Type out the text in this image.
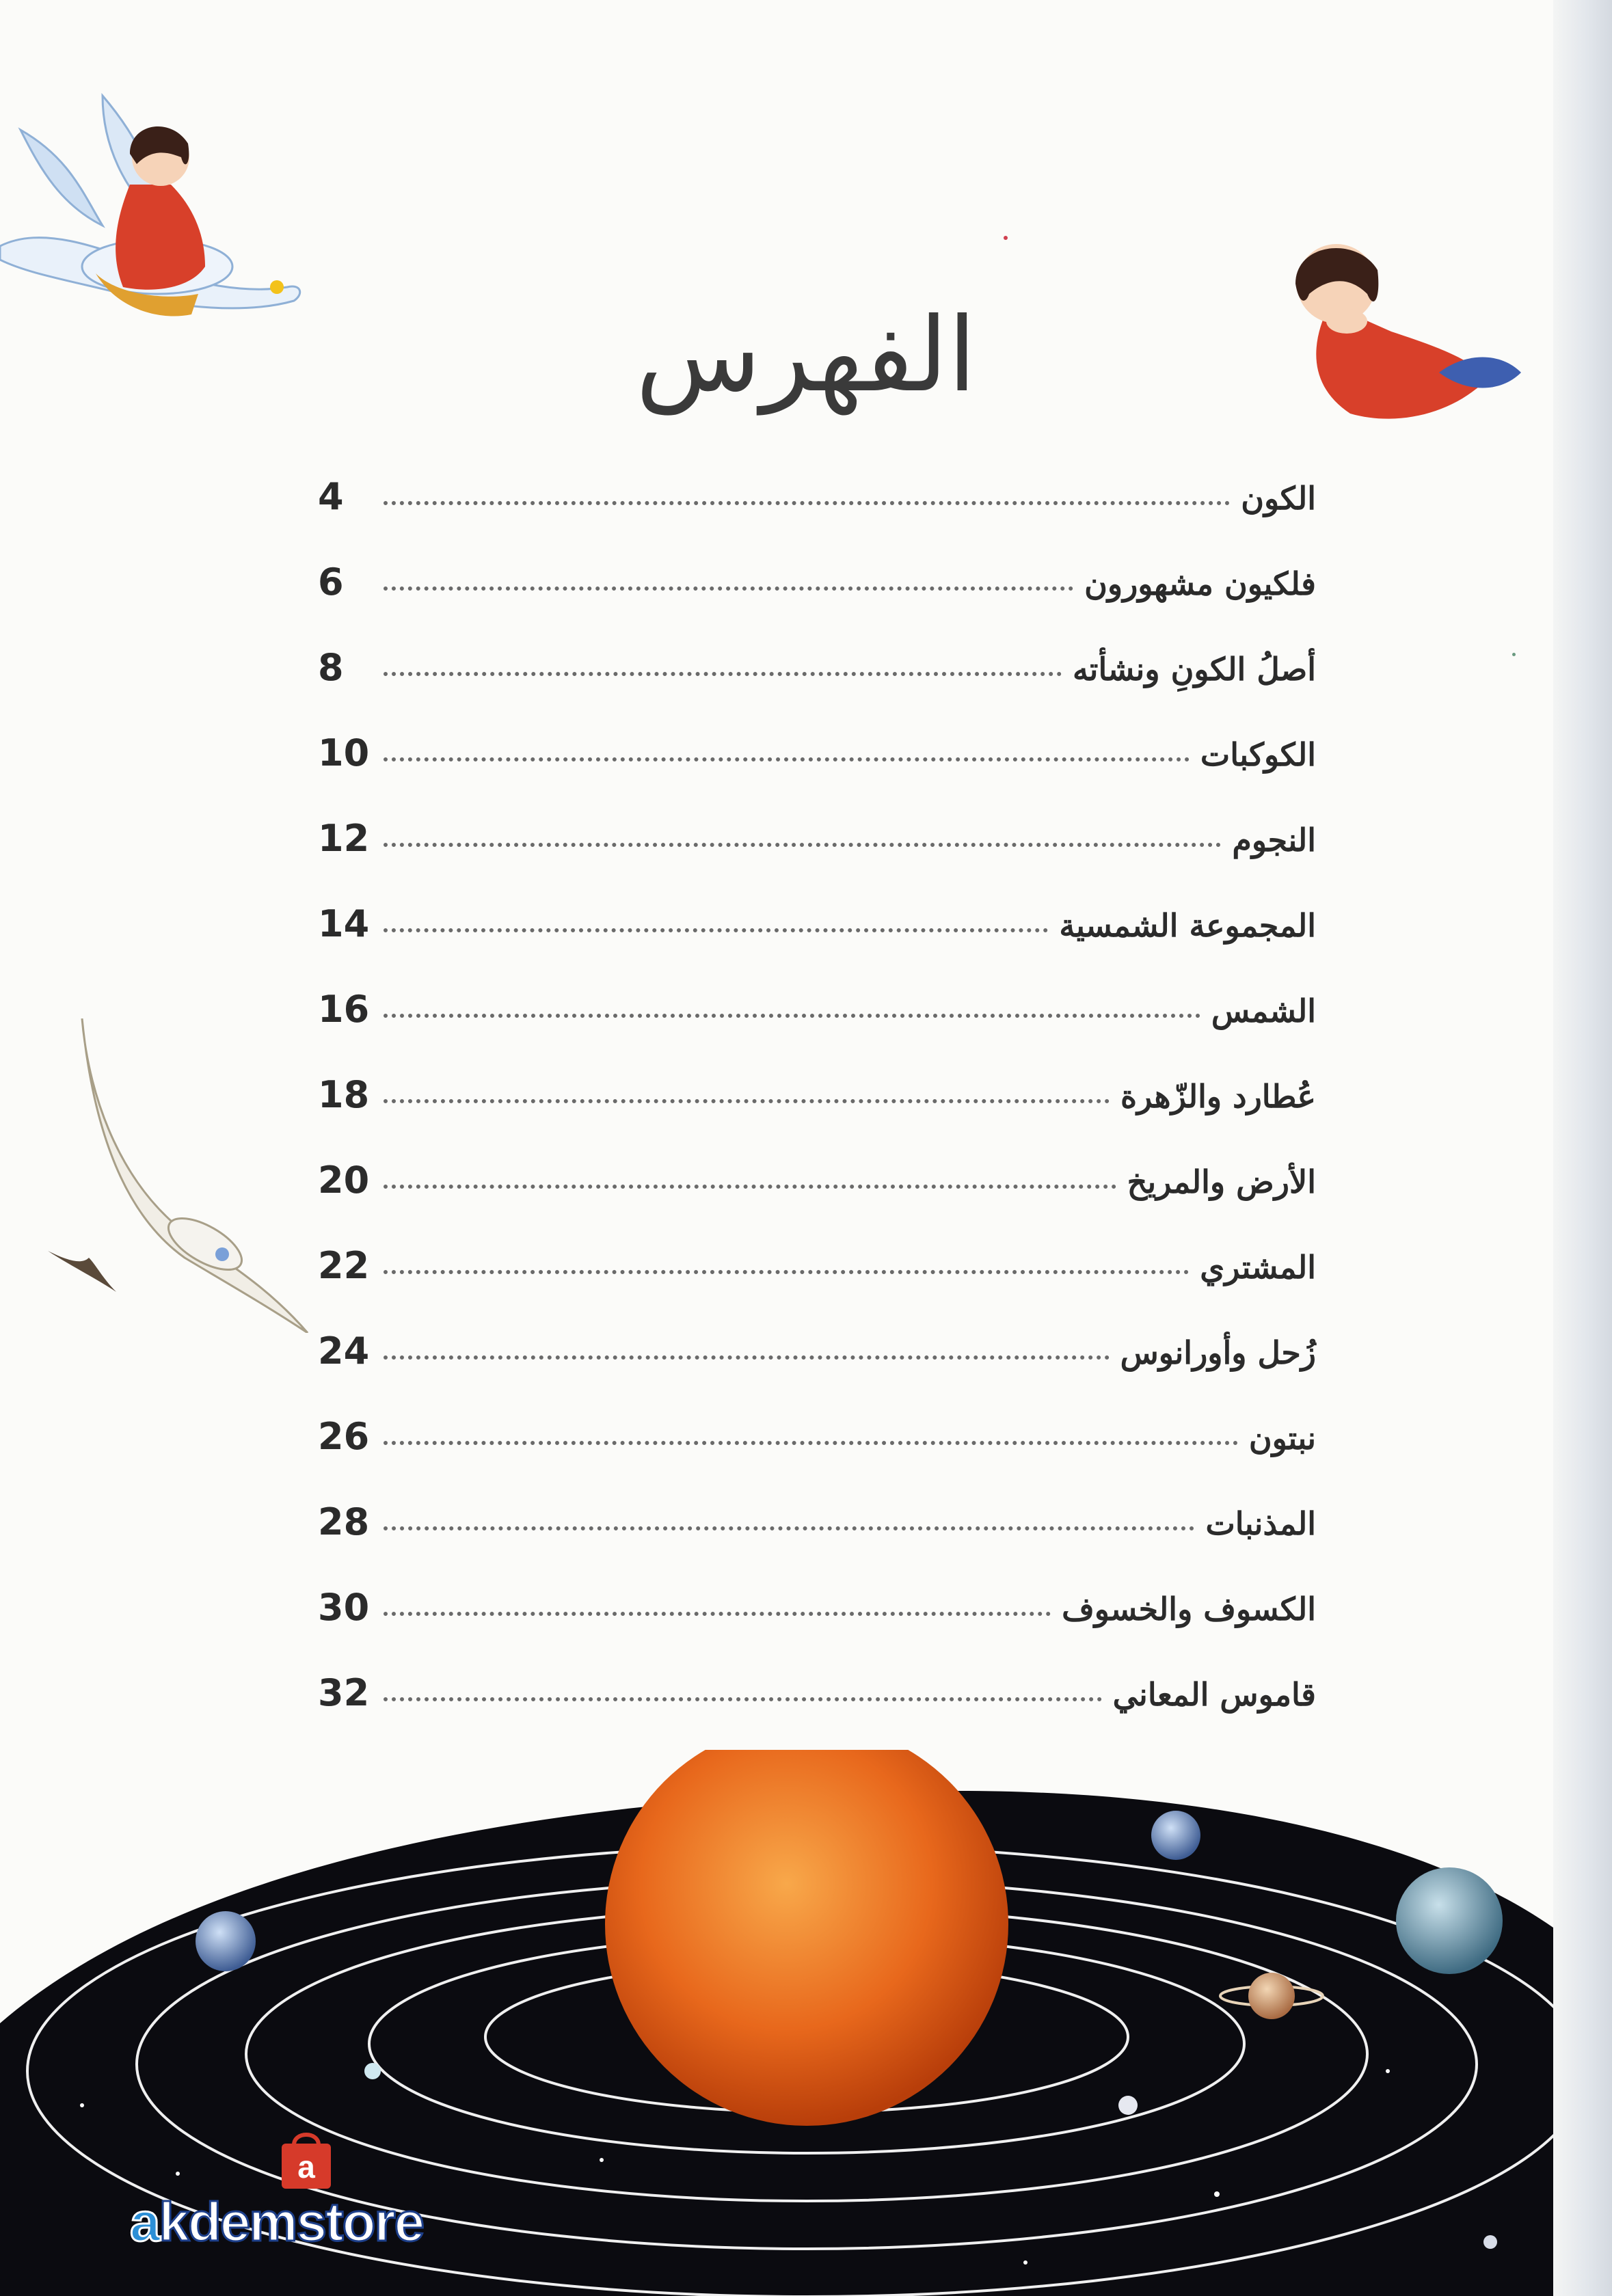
الفهرس
الكون
4
فلكيون مشهورون
6
أصلُ الكونِ ونشأته
8
الكوكبات
10
النجوم
12
المجموعة الشمسية
14
الشمس
16
عُطارد والزّهرة
18
الأرض والمريخ
20
المشتري
22
زُحل وأورانوس
24
نبتون
26
المذنبات
28
الكسوف والخسوف
30
قاموس المعاني
32
a
akdemstore
